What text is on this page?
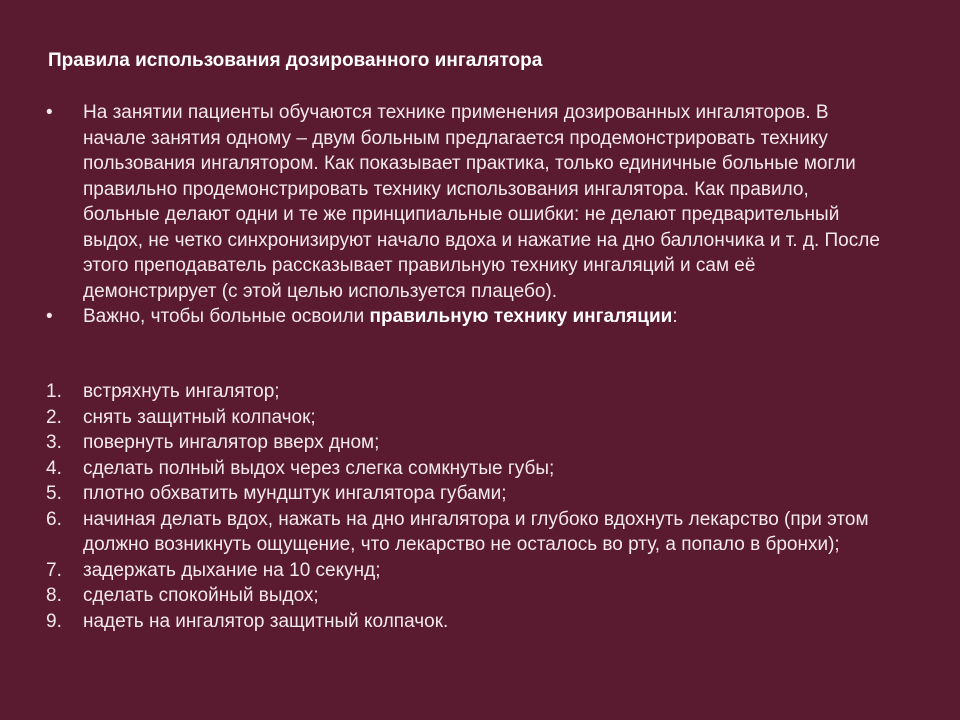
Правила использования дозированного ингалятора
• На занятии пациенты обучаются технике применения дозированных ингаляторов. В начале занятия одному – двум больным предлагается продемонстрировать технику пользования ингалятором. Как показывает практика, только единичные больные могли правильно продемонстрировать технику использования ингалятора. Как правило, больные делают одни и те же принципиальные ошибки: не делают предварительный выдох, не четко синхронизируют начало вдоха и нажатие на дно баллончика и т. д. После этого преподаватель рассказывает правильную технику ингаляций и сам её демонстрирует (с этой целью используется плацебо).
• Важно, чтобы больные освоили правильную технику ингаляции:
1. встряхнуть ингалятор;
2. снять защитный колпачок;
3. повернуть ингалятор вверх дном;
4. сделать полный выдох через слегка сомкнутые губы;
5. плотно обхватить мундштук ингалятора губами;
6. начиная делать вдох, нажать на дно ингалятора и глубоко вдохнуть лекарство (при этом должно возникнуть ощущение, что лекарство не осталось во рту, а попало в бронхи);
7. задержать дыхание на 10 секунд;
8. сделать спокойный выдох;
9. надеть на ингалятор защитный колпачок.
